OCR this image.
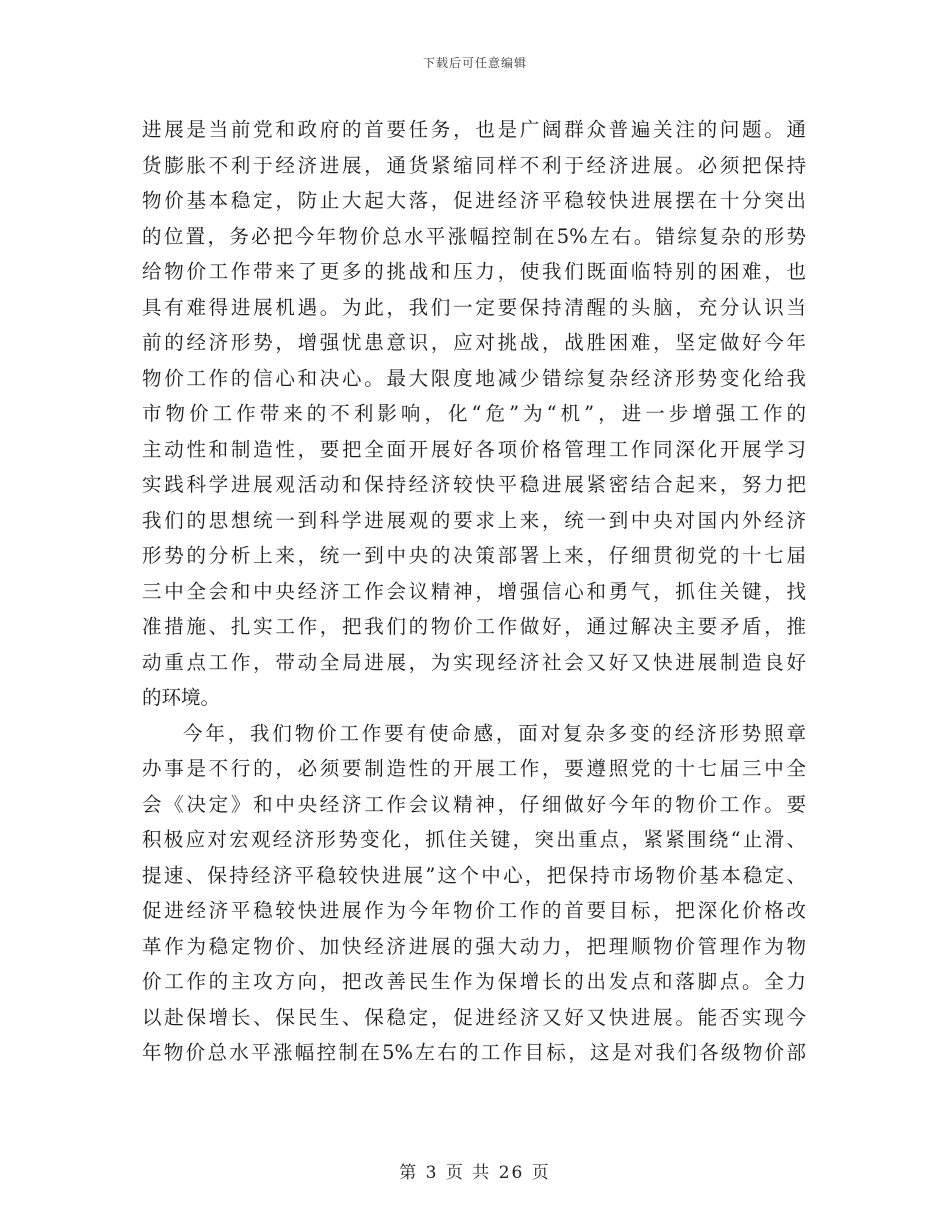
下载后可任意编辑
进展是当前党和政府的首要任务，也是广阔群众普遍关注的问题。通
货膨胀不利于经济进展，通货紧缩同样不利于经济进展。必须把保持
物价基本稳定，防止大起大落，促进经济平稳较快进展摆在十分突出
的位置，务必把今年物价总水平涨幅控制在5%左右。错综复杂的形势
给物价工作带来了更多的挑战和压力，使我们既面临特别的困难，也
具有难得进展机遇。为此，我们一定要保持清醒的头脑，充分认识当
前的经济形势，增强忧患意识，应对挑战，战胜困难，坚定做好今年
物价工作的信心和决心。最大限度地减少错综复杂经济形势变化给我
市物价工作带来的不利影响，化“危”为“机”，进一步增强工作的
主动性和制造性，要把全面开展好各项价格管理工作同深化开展学习
实践科学进展观活动和保持经济较快平稳进展紧密结合起来，努力把
我们的思想统一到科学进展观的要求上来，统一到中央对国内外经济
形势的分析上来，统一到中央的决策部署上来，仔细贯彻党的十七届
三中全会和中央经济工作会议精神，增强信心和勇气，抓住关键，找
准措施、扎实工作，把我们的物价工作做好，通过解决主要矛盾，推
动重点工作，带动全局进展，为实现经济社会又好又快进展制造良好
的环境。
今年，我们物价工作要有使命感，面对复杂多变的经济形势照章
办事是不行的，必须要制造性的开展工作，要遵照党的十七届三中全
会《决定》和中央经济工作会议精神，仔细做好今年的物价工作。要
积极应对宏观经济形势变化，抓住关键，突出重点，紧紧围绕“止滑、
提速、保持经济平稳较快进展”这个中心，把保持市场物价基本稳定、
促进经济平稳较快进展作为今年物价工作的首要目标，把深化价格改
革作为稳定物价、加快经济进展的强大动力，把理顺物价管理作为物
价工作的主攻方向，把改善民生作为保增长的出发点和落脚点。全力
以赴保增长、保民生、保稳定，促进经济又好又快进展。能否实现今
年物价总水平涨幅控制在5%左右的工作目标，这是对我们各级物价部
第 3 页 共 26 页
